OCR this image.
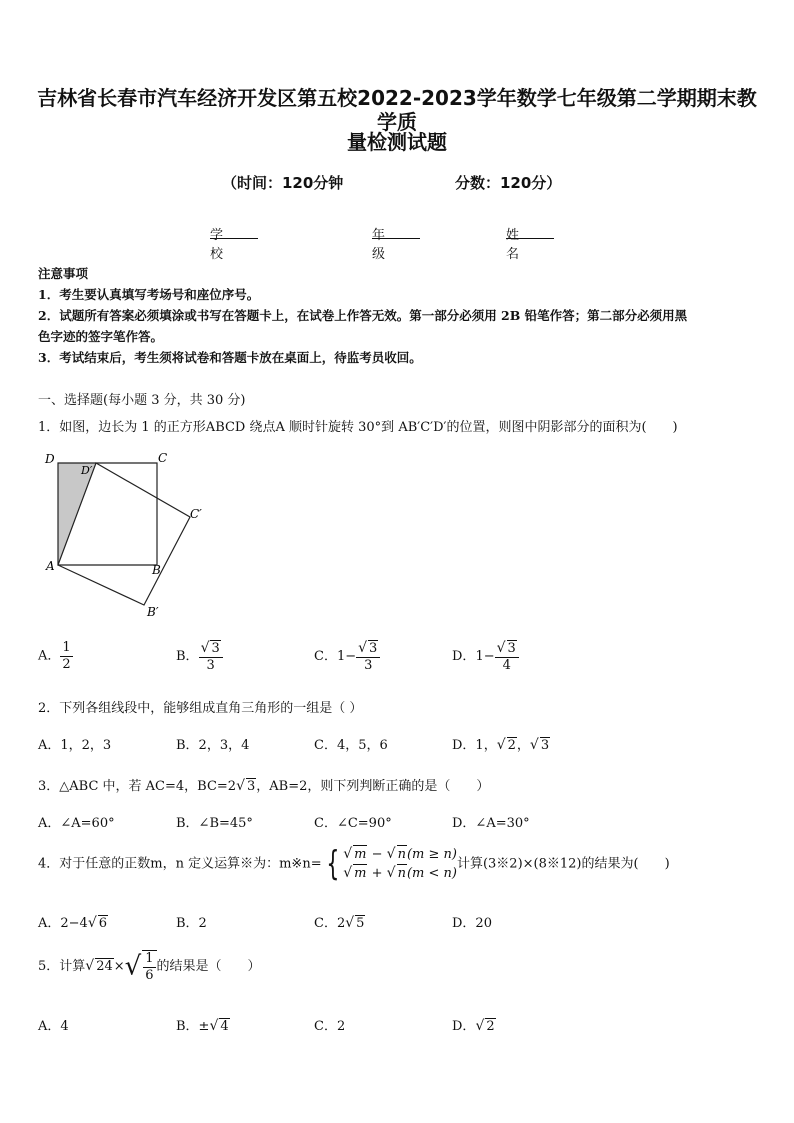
吉林省长春市汽车经济开发区第五校2022-2023学年数学七年级第二学期期末教学质
量检测试题
（时间：120分钟	分数：120分）
学校
年级
姓名
注意事项
1．考生要认真填写考场号和座位序号。
2．试题所有答案必须填涂或书写在答题卡上，在试卷上作答无效。第一部分必须用 2B 铅笔作答；第二部分必须用黑
色字迹的签字笔作答。
3．考试结束后，考生须将试卷和答题卡放在桌面上，待监考员收回。
一、选择题(每小题 3 分，共 30 分)
1．如图，边长为 1 的正方形ABCD 绕点A 顺时针旋转 30°到 AB′C′D′的位置，则图中阴影部分的面积为(　　)
D
D′
C
C′
A	B
B′
A． $\frac{1}{2}$	B． $\frac{√ 3}{3}$	C．$1- \frac{√ 3}{3}$	D．$1- \frac{√ 3}{4}$
2．下列各组线段中，能够组成直角三角形的一组是（ ）
A．1，2，3	B．2，3，4	C．4，5，6	D．1，√ 2，√ 3
3．△ABC 中，若 AC=4，BC=2√ 3，AB=2，则下列判断正确的是（　　）
A．∠A=60°	B．∠B=45°	C．∠C=90°	D．∠A=30°
4．对于任意的正数m，n 定义运算※为：m※n= { √ m − √ n(m ≥ n)
√ m + √ n(m < n)
计算(3※2)×(8※12)的结果为(　　)
A．2−4√ 6	B．2	C．2√ 5	D．20
5．计算√ $24\times√ \frac{1}{6}$ 的结果是（　　）
A．4	B．±√ 4	C．2	D．√ 2
